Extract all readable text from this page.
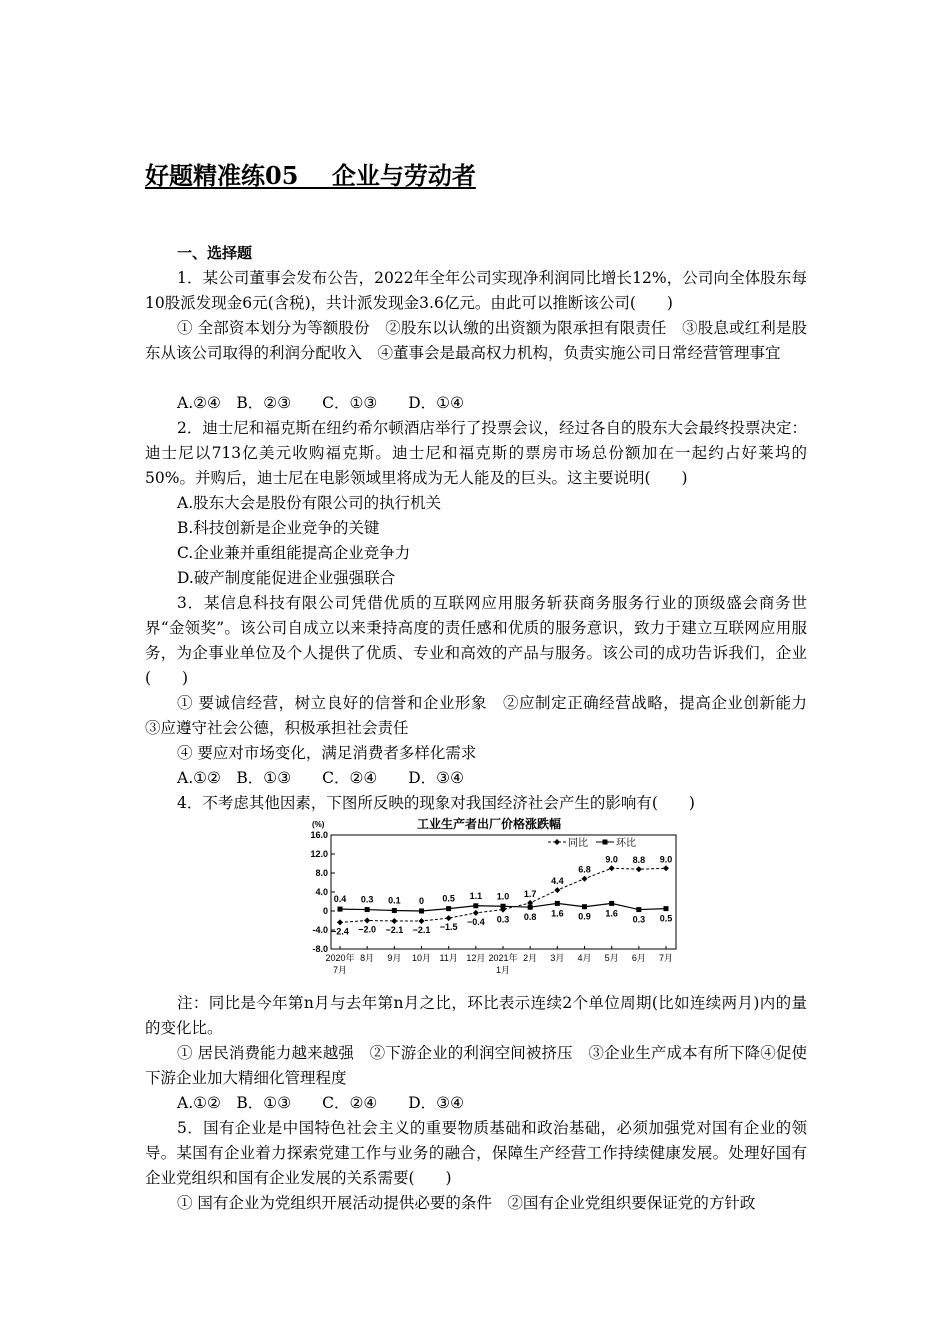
好题精准练05    企业与劳动者
一、选择题
1．某公司董事会发布公告，2022年全年公司实现净利润同比增长12%，公司向全体股东每10股派发现金6元(含税)，共计派发现金3.6亿元。由此可以推断该公司(　　)
① 全部资本划分为等额股份　②股东以认缴的出资额为限承担有限责任　③股息或红利是股东从该公司取得的利润分配收入　④董事会是最高权力机构，负责实施公司日常经营管理事宜
A.②④　B．②③　　C．①③　　D．①④
2．迪士尼和福克斯在纽约希尔顿酒店举行了投票会议，经过各自的股东大会最终投票决定：迪士尼以713亿美元收购福克斯。迪士尼和福克斯的票房市场总份额加在一起约占好莱坞的50%。并购后，迪士尼在电影领域里将成为无人能及的巨头。这主要说明(　　)
A.股东大会是股份有限公司的执行机关
B.科技创新是企业竞争的关键
C.企业兼并重组能提高企业竞争力
D.破产制度能促进企业强强联合
3．某信息科技有限公司凭借优质的互联网应用服务斩获商务服务行业的顶级盛会商务世界“金领奖”。该公司自成立以来秉持高度的责任感和优质的服务意识，致力于建立互联网应用服务，为企事业单位及个人提供了优质、专业和高效的产品与服务。该公司的成功告诉我们，企业(　　)
① 要诚信经营，树立良好的信誉和企业形象　②应制定正确经营战略，提高企业创新能力　③应遵守社会公德，积极承担社会责任
④ 要应对市场变化，满足消费者多样化需求
A.①②　B．①③　　C．②④　　D．③④
4．不考虑其他因素，下图所反映的现象对我国经济社会产生的影响有(　　)
工业生产者出厂价格涨跌幅
(%)
16.0
12.0
8.0
4.0
0
-4.0
-8.0
2020年
7月
8月 9月 10月 11月 12月 2021年
1月
2月 3月 4月 5月 6月 7月
−2.4 −2.0 −2.1 −2.1 −1.5
−0.4 0.3
1.7
4.4
6.8
9.0 8.8 9.0
0.4 0.3 0.1 0 0.5 1.1 1.0
0.8 1.6 0.9 1.6
0.3 0.5
同比	环比
注：同比是今年第n月与去年第n月之比，环比表示连续2个单位周期(比如连续两月)内的量的变化比。
① 居民消费能力越来越强　②下游企业的利润空间被挤压　③企业生产成本有所下降④促使下游企业加大精细化管理程度
A.①②　B．①③　　C．②④　　D．③④
5．国有企业是中国特色社会主义的重要物质基础和政治基础，必须加强党对国有企业的领导。某国有企业着力探索党建工作与业务的融合，保障生产经营工作持续健康发展。处理好国有企业党组织和国有企业发展的关系需要(　　)
① 国有企业为党组织开展活动提供必要的条件　②国有企业党组织要保证党的方针政
